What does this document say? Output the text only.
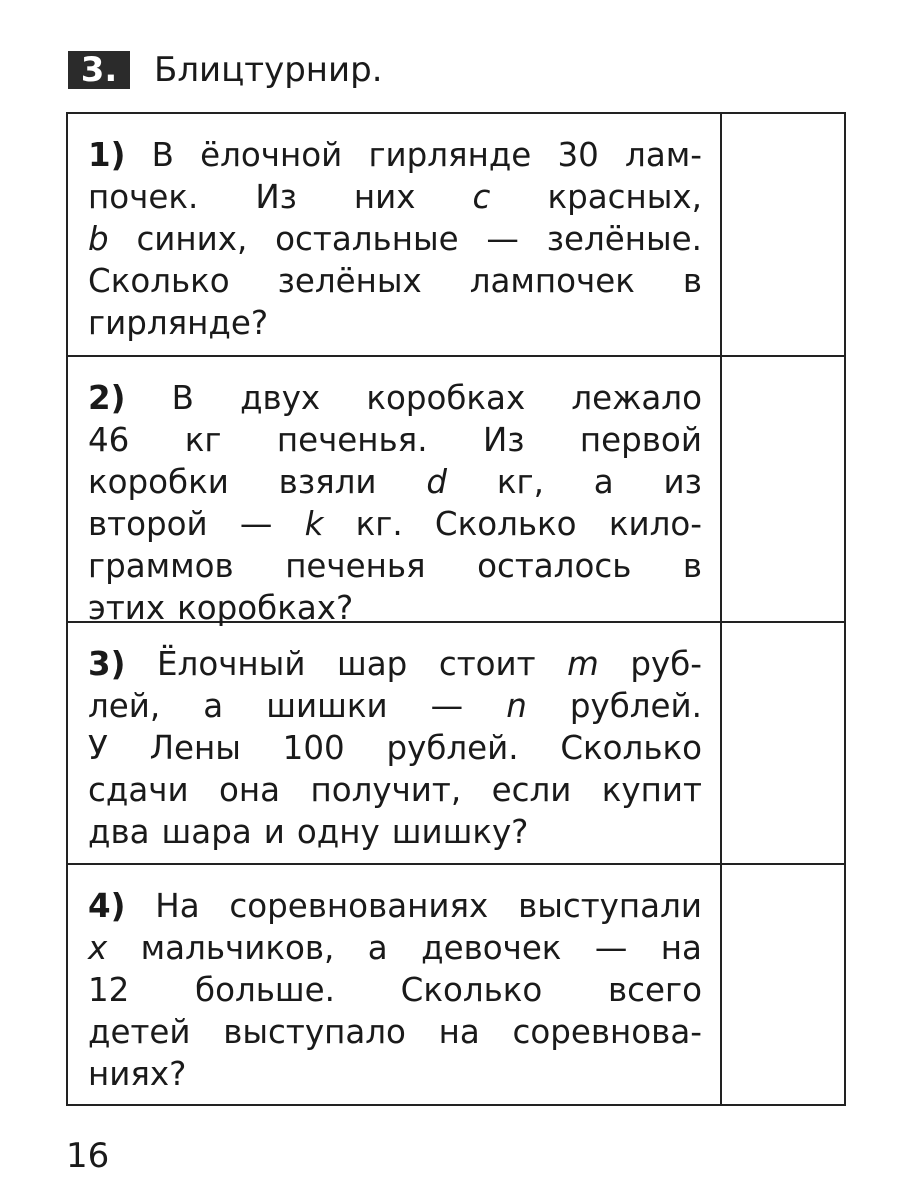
3.	Блицтурнир.
1) В ёлочной гирлянде 30 лам-
почек. Из них c красных,
b синих, остальные — зелёные.
Сколько зелёных лампочек в
гирлянде?
2) В двух коробках лежало
46 кг печенья. Из первой
коробки взяли d кг, а из
второй — k кг. Сколько кило-
граммов печенья осталось в
этих коробках?
3) Ёлочный шар стоит m руб-
лей, а шишки — n рублей.
У Лены 100 рублей. Сколько
сдачи она получит, если купит
два шара и одну шишку?
4) На соревнованиях выступали
x мальчиков, а девочек — на
12 больше. Сколько всего
детей выступало на соревнова-
ниях?
16
